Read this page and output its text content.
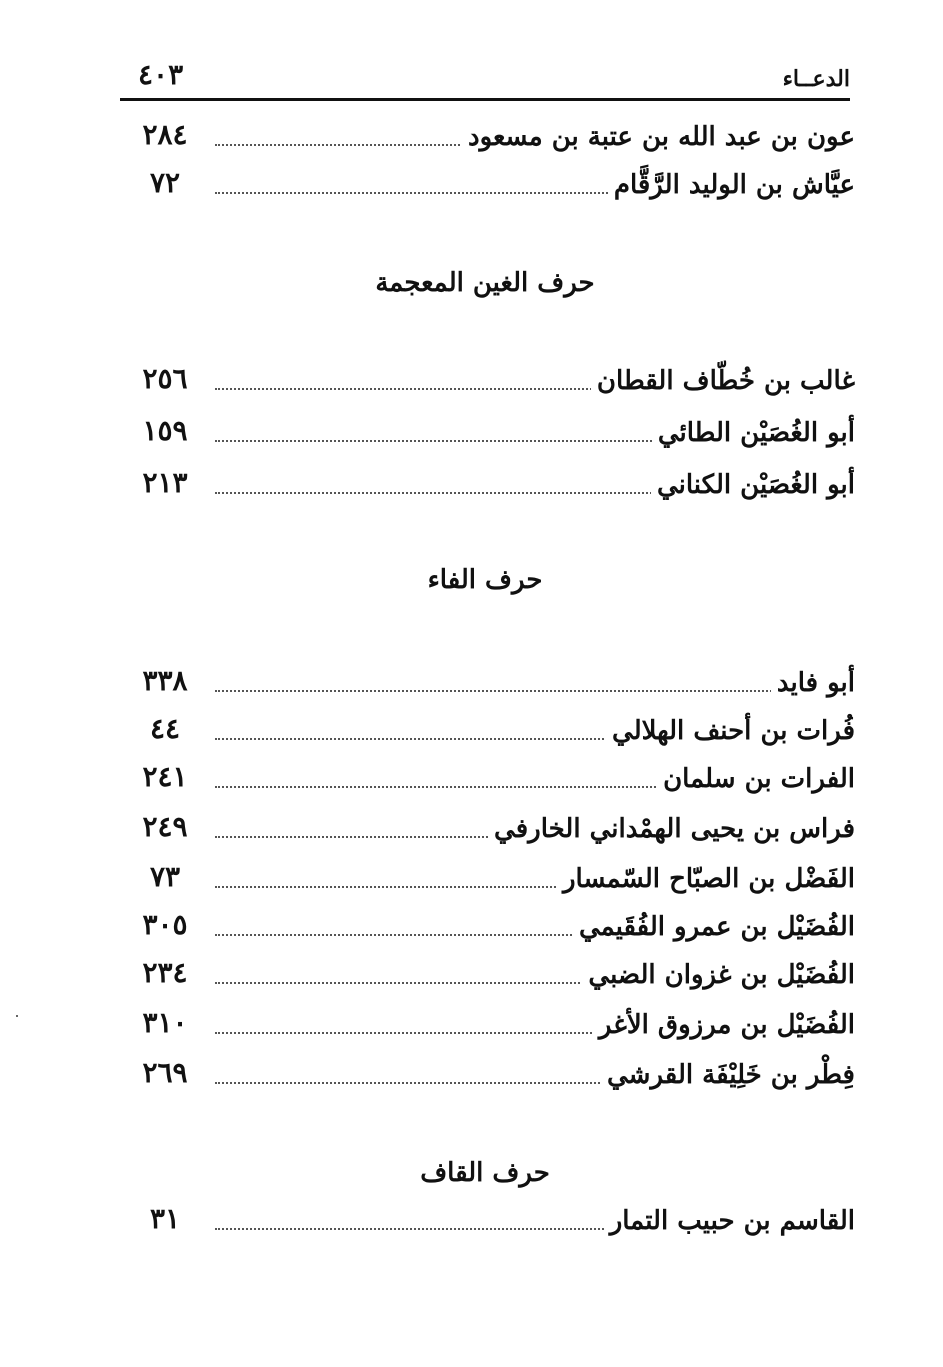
الدعــاء
٤٠٣
عون بن عبد الله بن عتبة بن مسعود
٢٨٤
عيَّاش بن الوليد الرَّقَّام
٧٢
حرف الغين المعجمة
غالب بن خُطّاف القطان
٢٥٦
أبو الغُصَيْن الطائي
١٥٩
أبو الغُصَيْن الكناني
٢١٣
حرف الفاء
أبو فايد
٣٣٨
فُرات بن أحنف الهلالي
٤٤
الفرات بن سلمان
٢٤١
فراس بن يحيى الهمْداني الخارفي
٢٤٩
الفَضْل بن الصبّاح السّمسار
٧٣
الفُضَيْل بن عمرو الفُقَيمي
٣٠٥
الفُضَيْل بن غزوان الضبي
٢٣٤
الفُضَيْل بن مرزوق الأغر
٣١٠
فِطْر بن خَلِيْفَة القرشي
٢٦٩
حرف القاف
القاسم بن حبيب التمار
٣١
